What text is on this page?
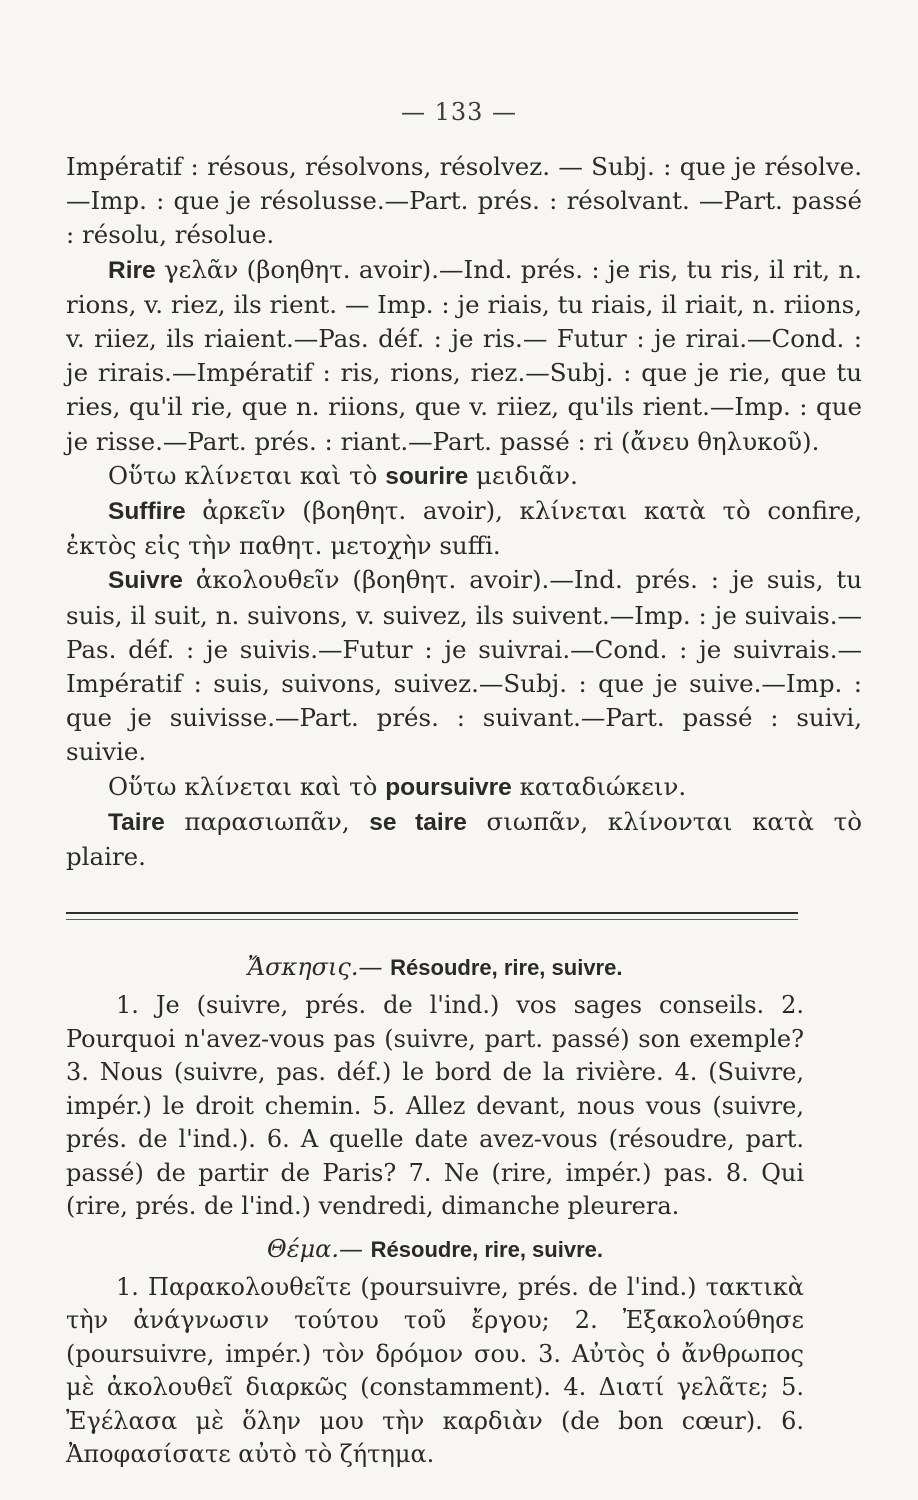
— 133 —

Impératif : résous, résolvons, résolvez. — Subj. : que je résolve.—Imp. : que je résolusse.—Part. prés. : résolvant. —Part. passé : résolu, résolue.

Rire γελᾶν (βοηθητ. avoir).—Ind. prés. : je ris, tu ris, il rit, n. rions, v. riez, ils rient. — Imp. : je riais, tu riais, il riait, n. riions, v. riiez, ils riaient.—Pas. déf. : je ris.— Futur : je rirai.—Cond. : je rirais.—Impératif : ris, rions, riez.—Subj. : que je rie, que tu ries, qu'il rie, que n. riions, que v. riiez, qu'ils rient.—Imp. : que je risse.—Part. prés. : riant.—Part. passé : ri (ἄνευ θηλυκοῦ).

Οὕτω κλίνεται καὶ τὸ sourire μειδιᾶν.

Suffire ἀρκεῖν (βοηθητ. avoir), κλίνεται κατὰ τὸ confire, ἐκτὸς εἰς τὴν παθητ. μετοχὴν suffi.

Suivre ἀκολουθεῖν (βοηθητ. avoir).—Ind. prés. : je suis, tu suis, il suit, n. suivons, v. suivez, ils suivent.—Imp. : je suivais.—Pas. déf. : je suivis.—Futur : je suivrai.—Cond. : je suivrais.—Impératif : suis, suivons, suivez.—Subj. : que je suive.—Imp. : que je suivisse.—Part. prés. : suivant.—Part. passé : suivi, suivie.

Οὕτω κλίνεται καὶ τὸ poursuivre καταδιώκειν.

Taire παρασιωπᾶν, se taire σιωπᾶν, κλίνονται κατὰ τὸ plaire.

Ἄσκησις.— Résoudre, rire, suivre.

1. Je (suivre, prés. de l'ind.) vos sages conseils. 2. Pourquoi n'avez-vous pas (suivre, part. passé) son exemple? 3. Nous (suivre, pas. déf.) le bord de la rivière. 4. (Suivre, impér.) le droit chemin. 5. Allez devant, nous vous (suivre, prés. de l'ind.). 6. A quelle date avez-vous (résoudre, part. passé) de partir de Paris? 7. Ne (rire, impér.) pas. 8. Qui (rire, prés. de l'ind.) vendredi, dimanche pleurera.

Θέμα.— Résoudre, rire, suivre.

1. Παρακολουθεῖτε (poursuivre, prés. de l'ind.) τακτικὰ τὴν ἀνάγνωσιν τούτου τοῦ ἔργου; 2. Ἐξακολούθησε (poursuivre, impér.) τὸν δρόμον σου. 3. Αὐτὸς ὁ ἄνθρωπος μὲ ἀκολουθεῖ διαρκῶς (constamment). 4. Διατί γελᾶτε; 5. Ἐγέλασα μὲ ὅλην μου τὴν καρδιὰν (de bon cœur). 6. Ἀποφασίσατε αὐτὸ τὸ ζήτημα.
